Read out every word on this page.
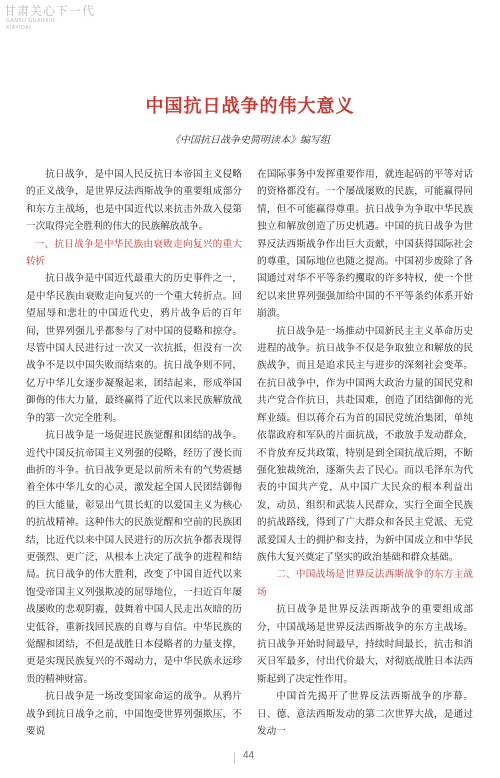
甘肃关心下一代
GANSU GUANXIN
XIAYIDAI
中国抗日战争的伟大意义
《中国抗日战争史简明读本》编写组

抗日战争，是中国人民反抗日本帝国主义侵略的正义战争，是世界反法西斯战争的重要组成部分和东方主战场，也是中国近代以来抗击外敌入侵第一次取得完全胜利的伟大的民族解放战争。

一、抗日战争是中华民族由衰败走向复兴的重大转折

抗日战争是中国近代最重大的历史事件之一，是中华民族由衰败走向复兴的一个重大转折点。回望屈辱和悲壮的中国近代史，鸦片战争后的百年间，世界列强儿乎都参与了对中国的侵略和掠夺。尽管中国人民进行过一次又一次抗抵，但没有一次战争不是以中国失败而结束的。抗日战争则不同，亿万中华儿女逐步凝聚起来，团结起来，形成举国御侮的伟大力量，最终赢得了近代以来民族解放战争的第一次完全胜利。

抗日战争是一场促进民族觉醒和团结的战争。近代中国反抗帝国主义列强的侵略，经历了漫长而曲折的斗争。抗日战争更是以前所未有的气势震撼着全体中华儿女的心灵，激发起全国人民团结御侮的巨大能量，彰显出气贯长虹的以爱国主义为核心的抗战精神。这种伟大的民族觉醒和空前的民族团结，比近代以来中国人民进行的历次抗争都表现得更强烈、更广泛，从根本上决定了战争的进程和结局。抗日战争的伟大胜利，改变了中国自近代以来饱受帝国主义列强欺凌的屈辱地位，一扫近百年屡战屡败的悲观阴霾，鼓舞着中国人民走出灰暗的历史低谷，重新找回民族的自尊与自信。中华民族的觉醒和团结，不但是战胜日本侵略者的力量支撑，更是实现民族复兴的不竭动力，是中华民族永远珍贵的精神财富。

抗日战争是一场改变国家命运的战争。从鸦片战争到抗日战争之前，中国饱受世界列强欺压，不要说

在国际事务中发挥重要作用，就连起码的平等对话的资格都没有。一个屡战屡败的民族，可能赢得同情，但不可能赢得尊重。抗日战争为争取中华民族独立和解放创造了历史机遇。中国的抗日战争为世界反法西斯战争作出巨大贡献，中国获得国际社会的尊重，国际地位也随之提高。中国初步废除了各国通过对华不平等条约攫取的许多特权，使一个世纪以来世界列强强加给中国的不平等条约体系开始崩溃。

抗日战争是一场推动中国新民主主义革命历史进程的战争。抗日战争不仅是争取独立和解放的民族战争，而且是追求民主与进步的深刻社会变革。在抗日战争中，作为中国两大政治力量的国民党和共产党合作抗日，共赴国难，创造了团结御侮的光辉业绩。但以蒋介石为首的国民党统治集团，单纯依靠政府和军队的片面抗战，不敢放手发动群众，不肯放弃反共政策，特别是到全国抗战后期，不断强化独裁统治，逐渐失去了民心。而以毛泽东为代表的中国共产党，从中国广大民众的根本利益出发，动员、组织和武装人民群众，实行全面全民族的抗战路线，得到了广大群众和各民主党派、无党派爱国人士的拥护和支持，为新中国成立和中华民族伟大复兴奠定了坚实的政治基础和群众基础。

二、中国战场是世界反法西斯战争的东方主战场

抗日战争是世界反法西斯战争的重要组成部分，中国战场是世界反法西斯战争的东方主战场。抗日战争开始时间最早，持续时间最长，抗击和消灭日军最多，付出代价最大，对彻底战胜日本法西斯起到了决定性作用。

中国首先揭开了世界反法西斯战争的序幕。日、德、意法西斯发动的第二次世界大战，是通过发动一

44
